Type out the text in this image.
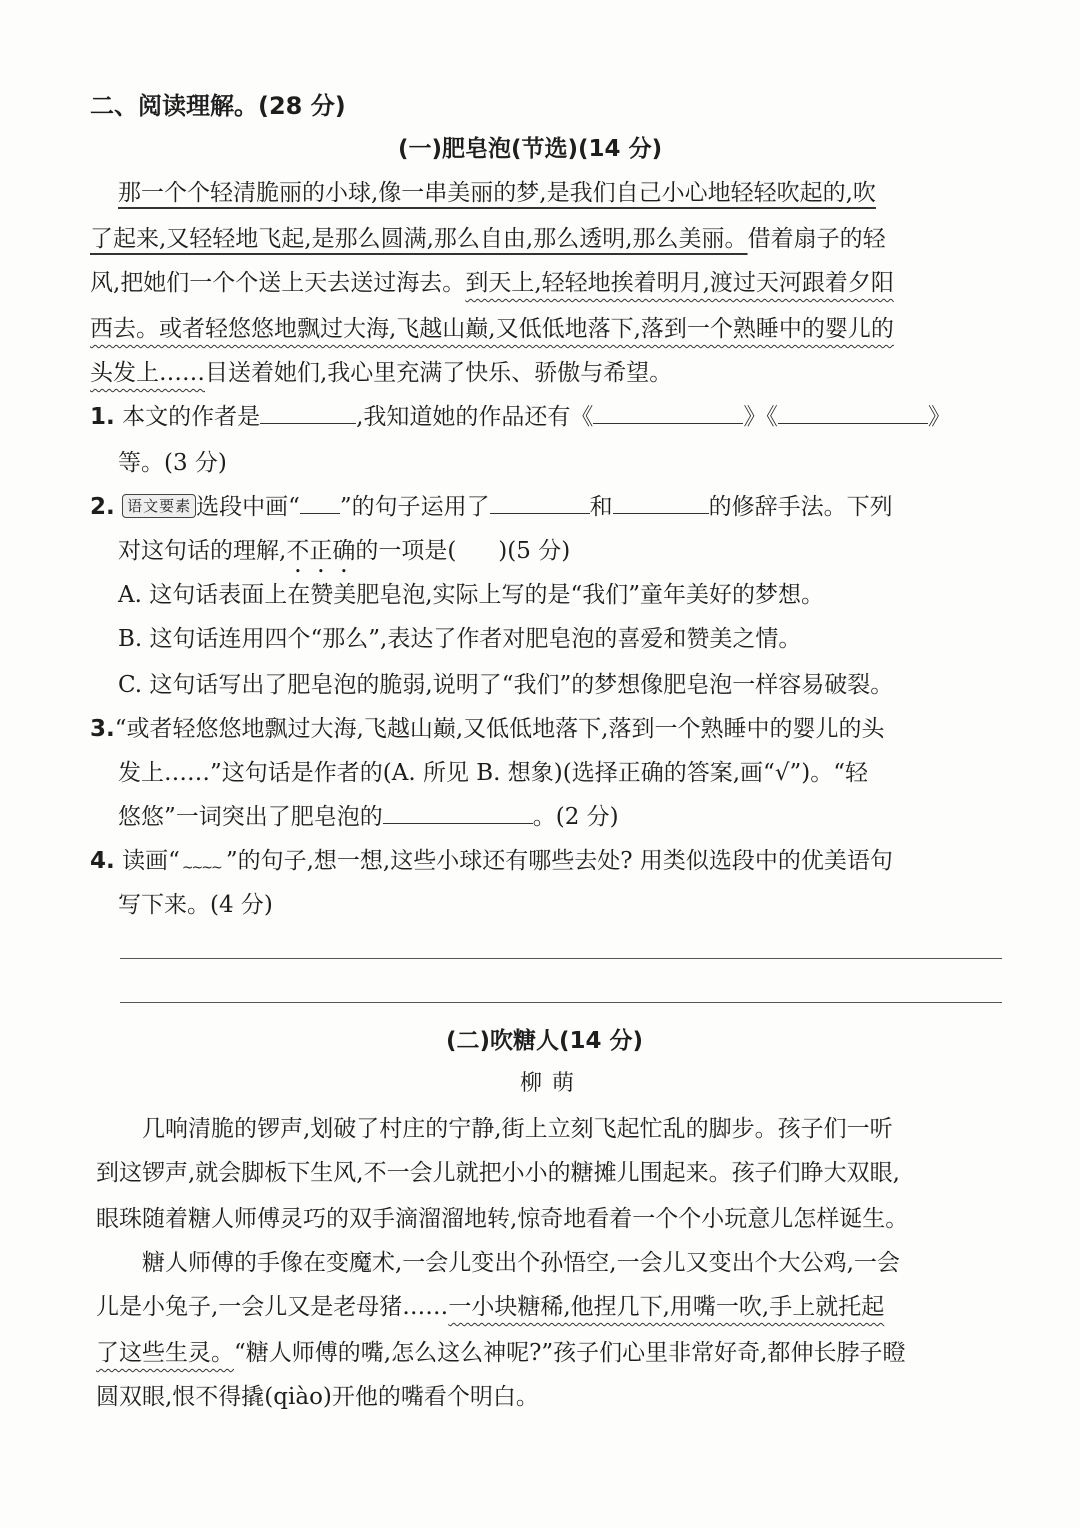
二、阅读理解。(28 分)
(一)肥皂泡(节选)(14 分)
那一个个轻清脆丽的小球,像一串美丽的梦,是我们自己小心地轻轻吹起的,吹
了起来,又轻轻地飞起,是那么圆满,那么自由,那么透明,那么美丽。借着扇子的轻
风,把她们一个个送上天去送过海去。到天上,轻轻地挨着明月,渡过天河跟着夕阳
西去。或者轻悠悠地飘过大海,飞越山巅,又低低地落下,落到一个熟睡中的婴儿的
头发上……目送着她们,我心里充满了快乐、骄傲与希望。
1. 本文的作者是	,我知道她的作品还有《	》《	》
等。(3 分)
2. 语文要素 选段中画“ ”的句子运用了	和	的修辞手法。下列
对这句话的理解,不正确的一项是( )(5 分)
A. 这句话表面上在赞美肥皂泡,实际上写的是“我们”童年美好的梦想。
B. 这句话连用四个“那么”,表达了作者对肥皂泡的喜爱和赞美之情。
C. 这句话写出了肥皂泡的脆弱,说明了“我们”的梦想像肥皂泡一样容易破裂。
3.“或者轻悠悠地飘过大海,飞越山巅,又低低地落下,落到一个熟睡中的婴儿的头
发上……”这句话是作者的(A. 所见 B. 想象)(选择正确的答案,画“√”)。“轻
悠悠”一词突出了肥皂泡的	。(2 分)
4. 读画“~~~~ ”的句子,想一想,这些小球还有哪些去处? 用类似选段中的优美语句
写下来。(4 分)
(二)吹糖人(14 分)
柳萌
几响清脆的锣声,划破了村庄的宁静,街上立刻飞起忙乱的脚步。孩子们一听
到这锣声,就会脚板下生风,不一会儿就把小小的糖摊儿围起来。孩子们睁大双眼,
眼珠随着糖人师傅灵巧的双手滴溜溜地转,惊奇地看着一个个小玩意儿怎样诞生。
糖人师傅的手像在变魔术,一会儿变出个孙悟空,一会儿又变出个大公鸡,一会
儿是小兔子,一会儿又是老母猪……一小块糖稀,他捏几下,用嘴一吹,手上就托起
了这些生灵。“糖人师傅的嘴,怎么这么神呢?”孩子们心里非常好奇,都伸长脖子瞪
圆双眼,恨不得撬(qiào)开他的嘴看个明白。
